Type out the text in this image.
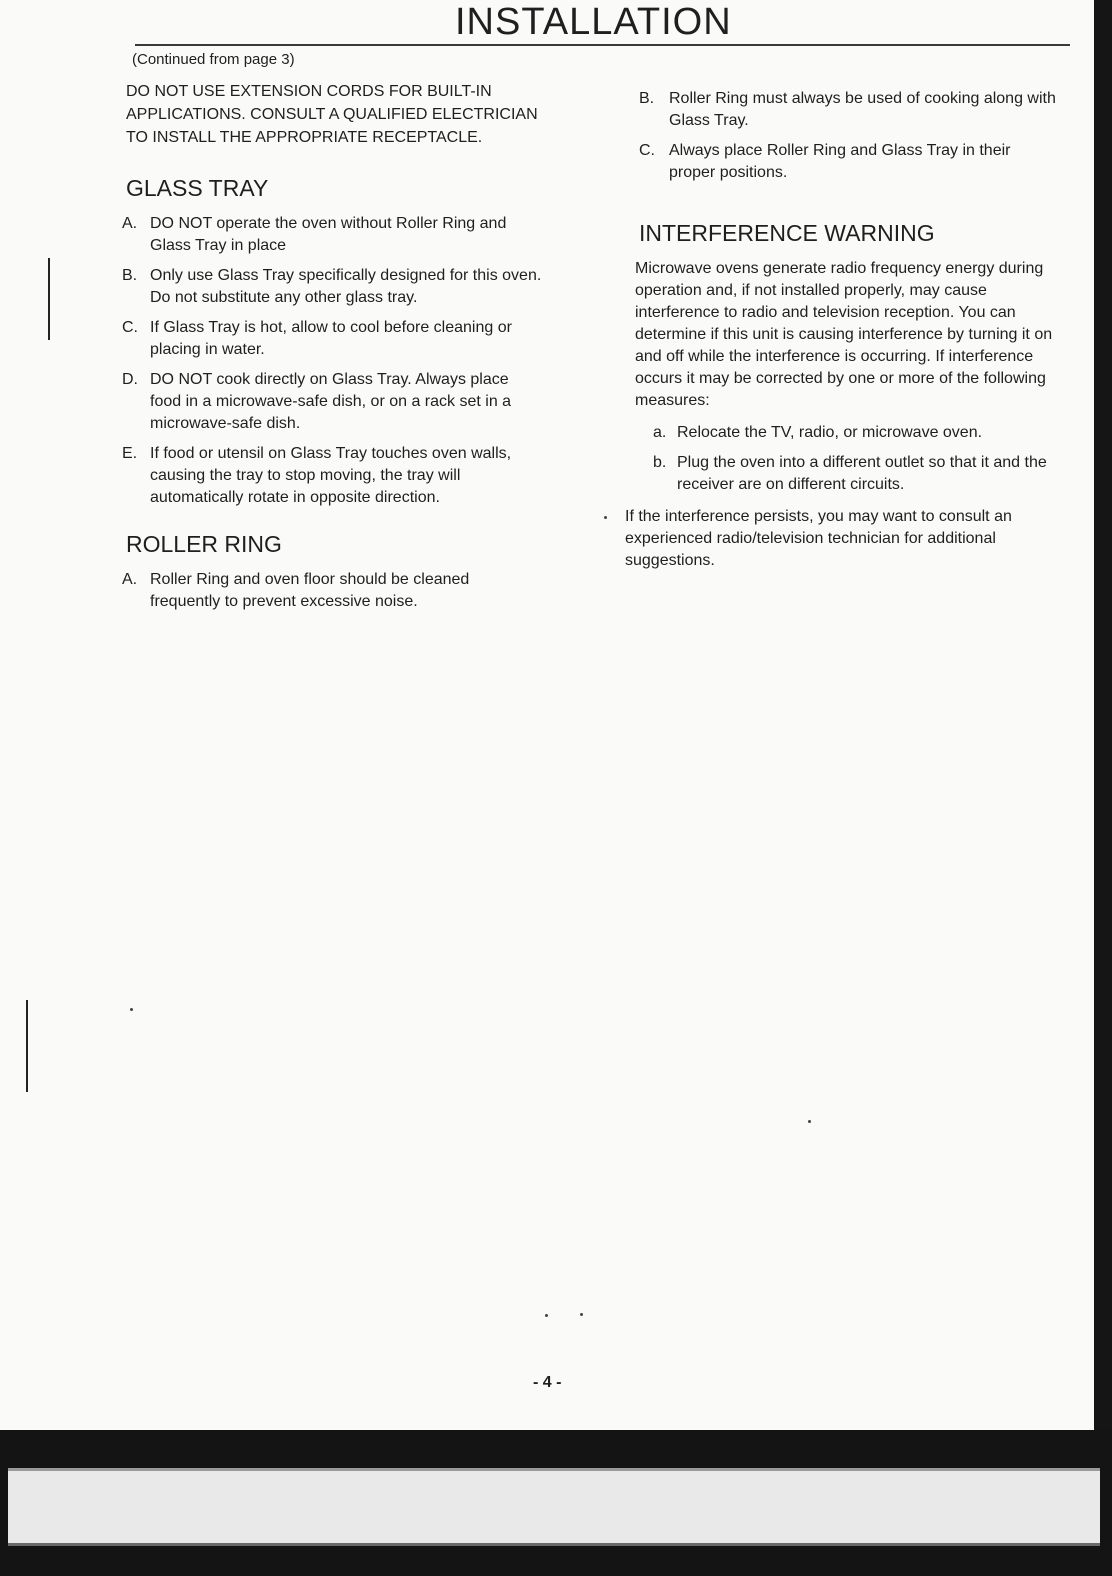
INSTALLATION

(Continued from page 3)

DO NOT USE EXTENSION CORDS FOR BUILT-IN APPLICATIONS. CONSULT A QUALIFIED ELECTRICIAN TO INSTALL THE APPROPRIATE RECEPTACLE.

GLASS TRAY
A. DO NOT operate the oven without Roller Ring and Glass Tray in place
B. Only use Glass Tray specifically designed for this oven. Do not substitute any other glass tray.
C. If Glass Tray is hot, allow to cool before cleaning or placing in water.
D. DO NOT cook directly on Glass Tray. Always place food in a microwave-safe dish, or on a rack set in a microwave-safe dish.
E. If food or utensil on Glass Tray touches oven walls, causing the tray to stop moving, the tray will automatically rotate in opposite direction.
ROLLER RING
A. Roller Ring and oven floor should be cleaned frequently to prevent excessive noise.
B. Roller Ring must always be used of cooking along with Glass Tray.
C. Always place Roller Ring and Glass Tray in their proper positions.
INTERFERENCE WARNING

Microwave ovens generate radio frequency energy during operation and, if not installed properly, may cause interference to radio and television reception. You can determine if this unit is causing interference by turning it on and off while the interference is occurring. If interference occurs it may be corrected by one or more of the following measures:

a. Relocate the TV, radio, or microwave oven.
b. Plug the oven into a different outlet so that it and the receiver are on different circuits.

If the interference persists, you may want to consult an experienced radio/television technician for additional suggestions.

- 4 -
